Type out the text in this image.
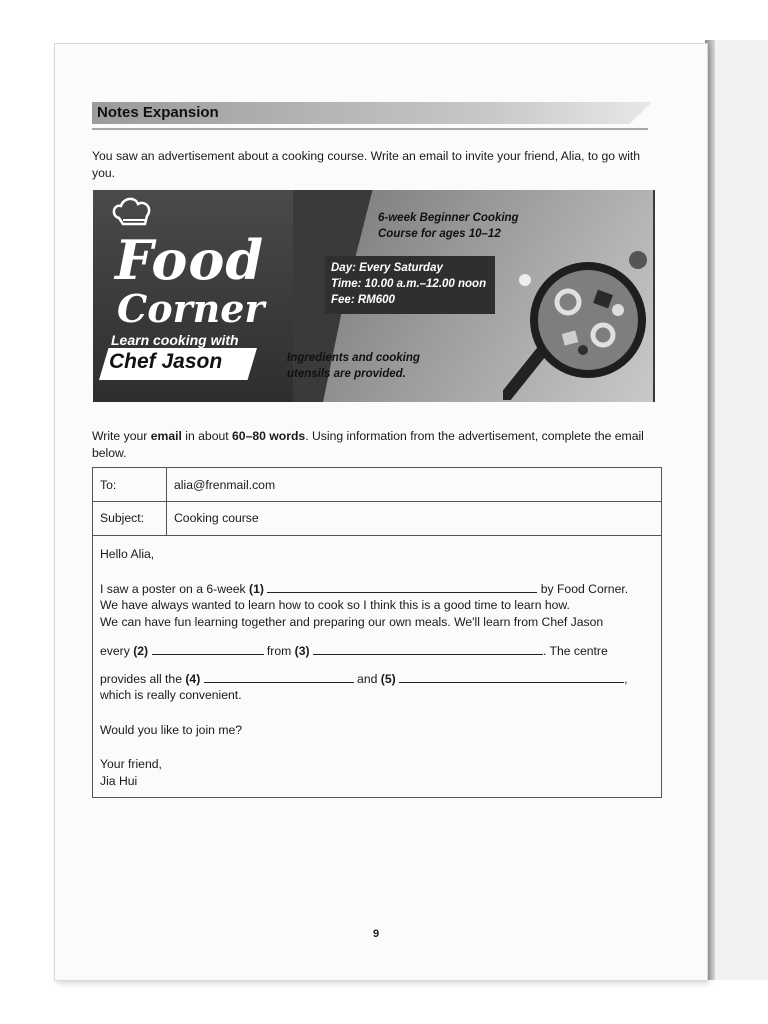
Notes Expansion
You saw an advertisement about a cooking course. Write an email to invite your friend, Alia, to go with you.
Food
Corner
Learn cooking with
Chef Jason
6-week Beginner Cooking
Course for ages 10–12
Day: Every Saturday
Time: 10.00 a.m.–12.00 noon
Fee: RM600
Ingredients and cooking
utensils are provided.
Write your email in about 60–80 words. Using information from the advertisement, complete the email below.
To:	alia@frenmail.com
Subject: Cooking course
Hello Alia,
I saw a poster on a 6-week (1)	by Food Corner.
We have always wanted to learn how to cook so I think this is a good time to learn how.
We can have fun learning together and preparing our own meals. We'll learn from Chef Jason
every (2)	from (3)	. The centre
provides all the (4)	and (5)	,
which is really convenient.
Would you like to join me?
Your friend,
Jia Hui
9
